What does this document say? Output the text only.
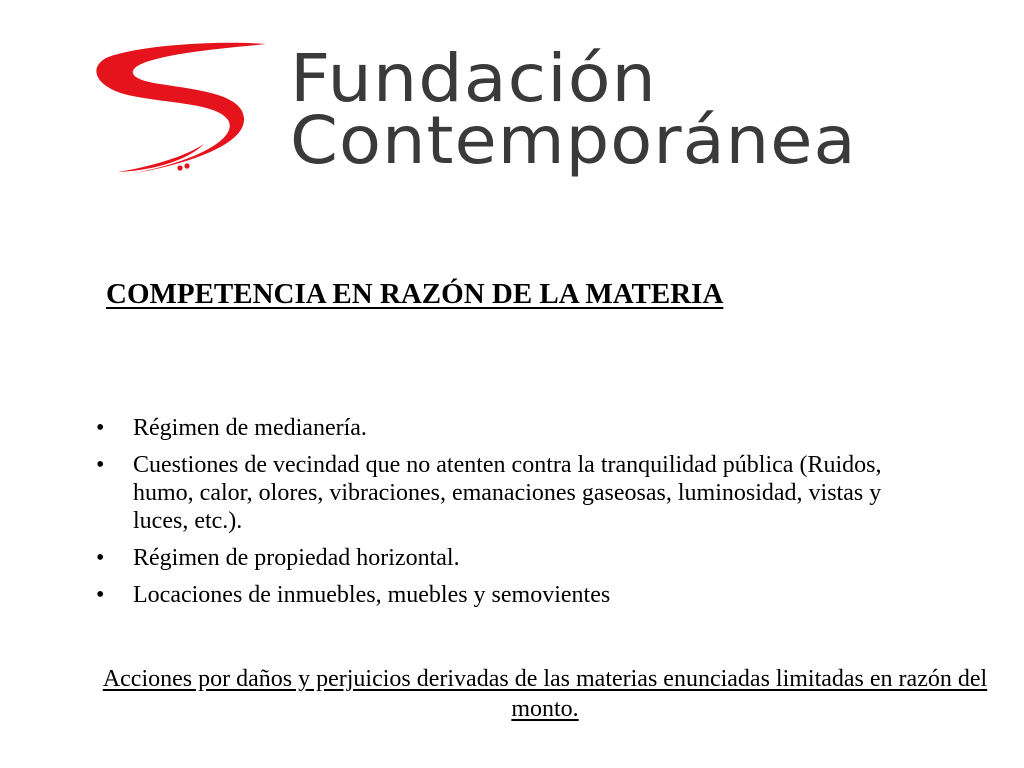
Fundación
Contemporánea
COMPETENCIA EN RAZÓN DE LA MATERIA
• Régimen de medianería.
• Cuestiones de vecindad que no atenten contra la tranquilidad pública (Ruidos, humo, calor, olores, vibraciones, emanaciones gaseosas, luminosidad, vistas y luces, etc.).
• Régimen de propiedad horizontal.
• Locaciones de inmuebles, muebles y semovientes

Acciones por daños y perjuicios derivadas de las materias enunciadas limitadas en razón del monto.
